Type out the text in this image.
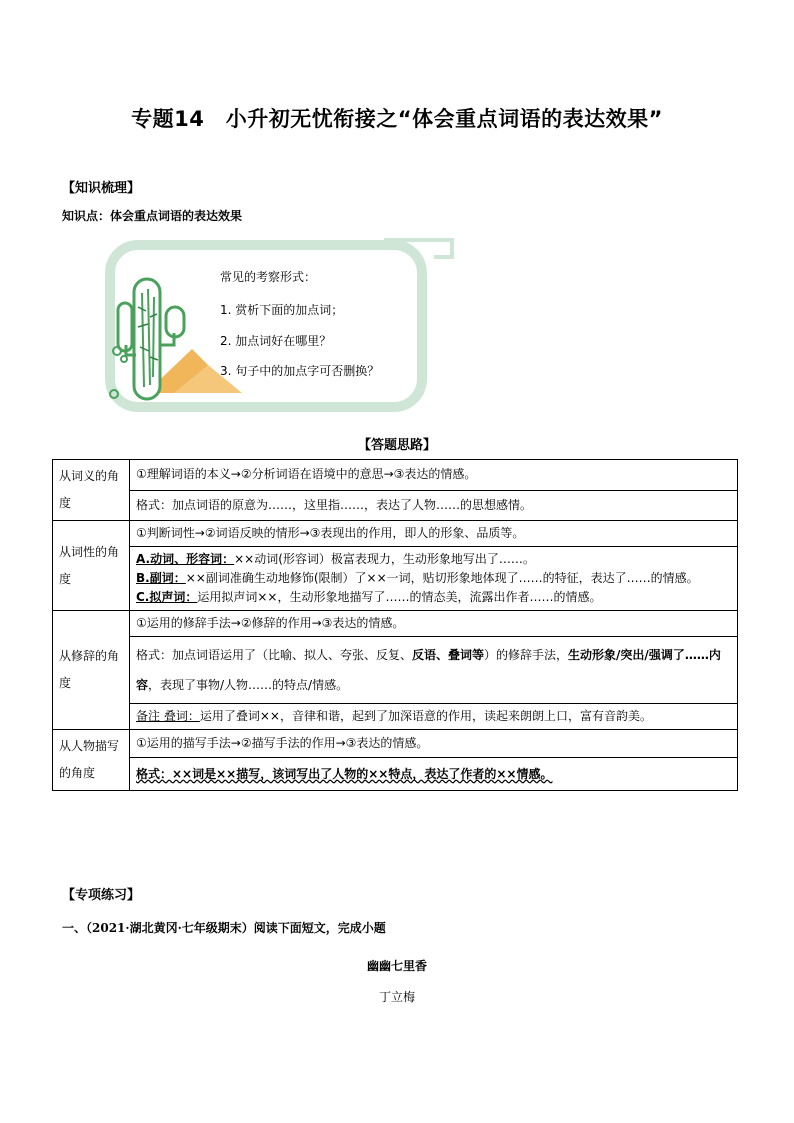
专题14　小升初无忧衔接之“体会重点词语的表达效果”
【知识梳理】
知识点：体会重点词语的表达效果
常见的考察形式：
1. 赏析下面的加点词；
2. 加点词好在哪里？
3. 句子中的加点字可否删换？
【答题思路】
从词义的角度	①理解词语的本义→②分析词语在语境中的意思→③表达的情感。
	格式：加点词语的原意为……，这里指……，表达了人物……的思想感情。
从词性的角度	①判断词性→②词语反映的情形→③表现出的作用，即人的形象、品质等。

	A.动词、形容词：××动词(形容词）极富表现力，生动形象地写出了……。
B.副词：××副词准确生动地修饰(限制）了××一词，贴切形象地体现了……的特征，表达了……的情感。
C.拟声词：运用拟声词××，生动形象地描写了……的情态美，流露出作者……的情感。

从修辞的角度	①运用的修辞手法→②修辞的作用→③表达的情感。
	格式：加点词语运用了（比喻、拟人、夸张、反复、反语、叠词等）的修辞手法，生动形象/突出/强调了……内容，表现了事物/人物……的特点/情感。
	备注 叠词：运用了叠词××，音律和谐，起到了加深语意的作用，读起来朗朗上口，富有音韵美。
从人物描写的角度	①运用的描写手法→②描写手法的作用→③表达的情感。
	格式：××词是××描写，该词写出了人物的××特点，表达了作者的××情感。
【专项练习】
一、（2021·湖北黄冈·七年级期末）阅读下面短文，完成小题
幽幽七里香
丁立梅
